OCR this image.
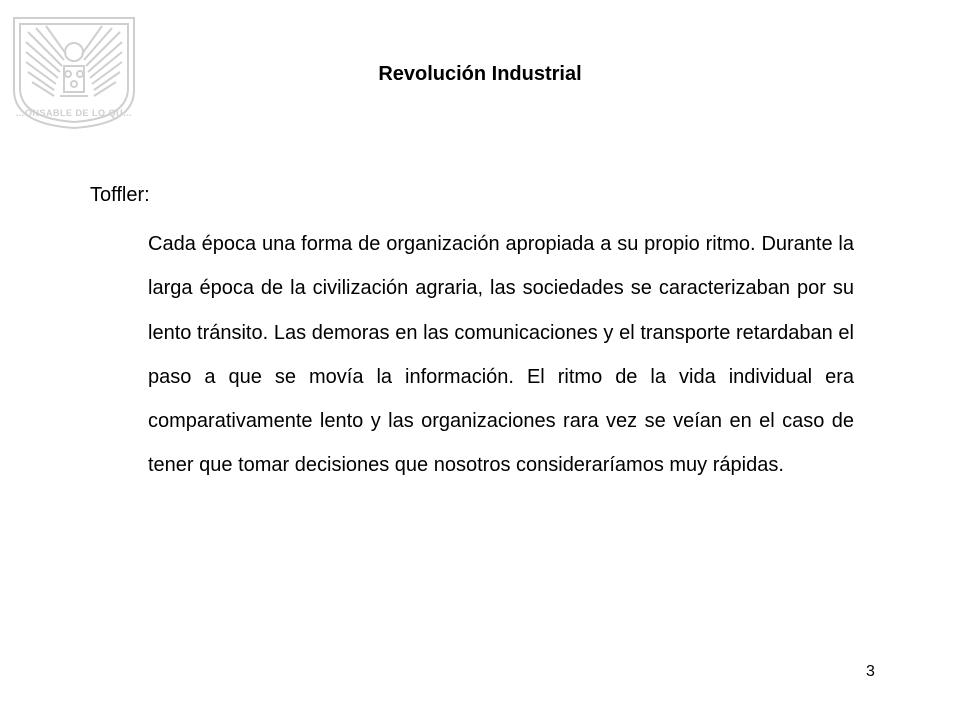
…ONSABLE DE LO QU…
Revolución Industrial
Toffler:

Cada época una forma de organización apropiada a su propio ritmo. Durante la larga época de la civilización agraria, las sociedades se caracterizaban por su lento tránsito. Las demoras en las comunicaciones y el transporte retardaban el paso a que se movía la información. El ritmo de la vida individual era comparativamente lento y las organizaciones rara vez se veían en el caso de tener que tomar decisiones que nosotros consideraríamos muy rápidas.

3
